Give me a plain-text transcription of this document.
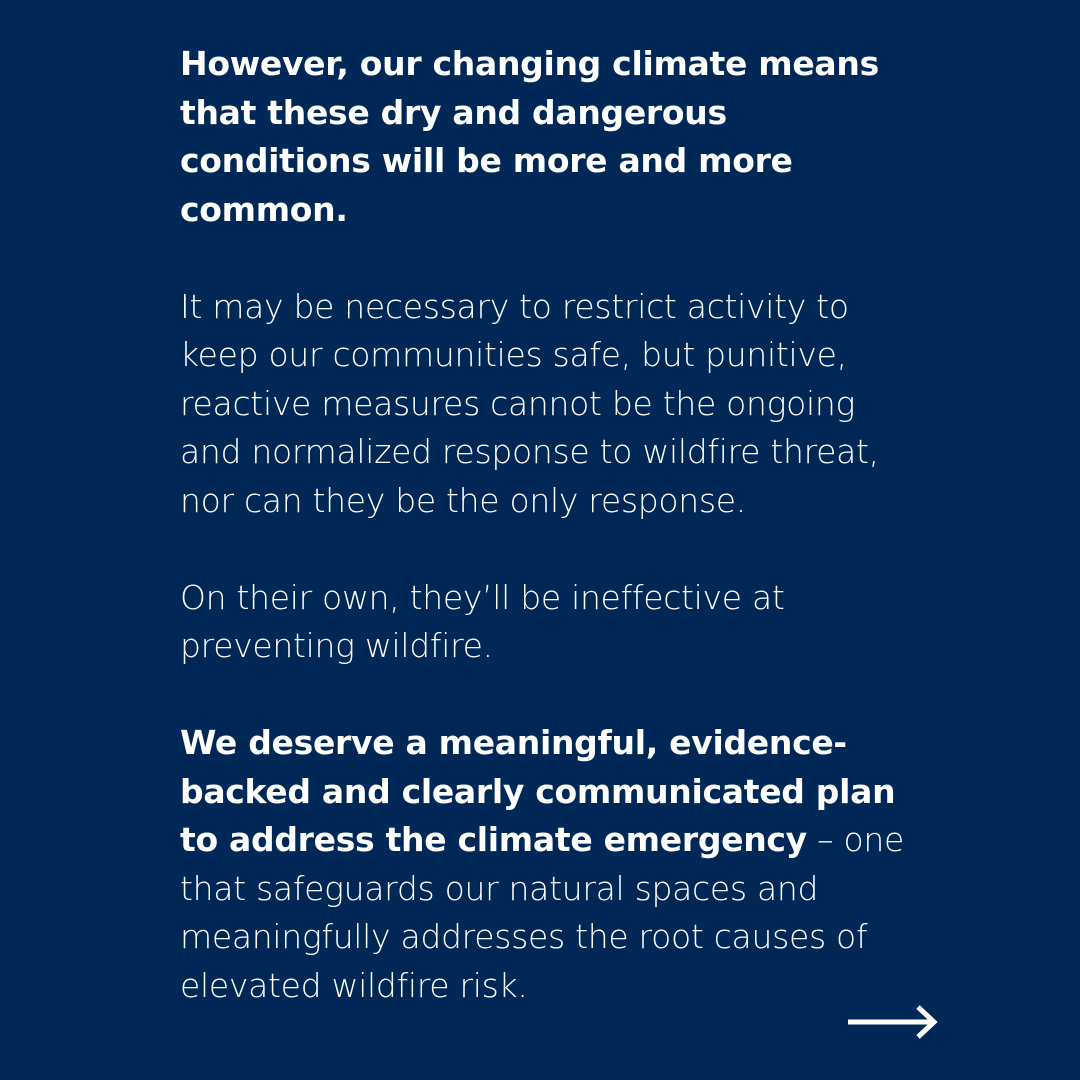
However, our changing climate means that these dry and dangerous conditions will be more and more common.

It may be necessary to restrict activity to keep our communities safe, but punitive, reactive measures cannot be the ongoing and normalized response to wildfire threat, nor can they be the only response.

On their own, they’ll be ineffective at preventing wildfire.

We deserve a meaningful, evidence-backed and clearly communicated plan to address the climate emergency – one that safeguards our natural spaces and meaningfully addresses the root causes of elevated wildfire risk.
